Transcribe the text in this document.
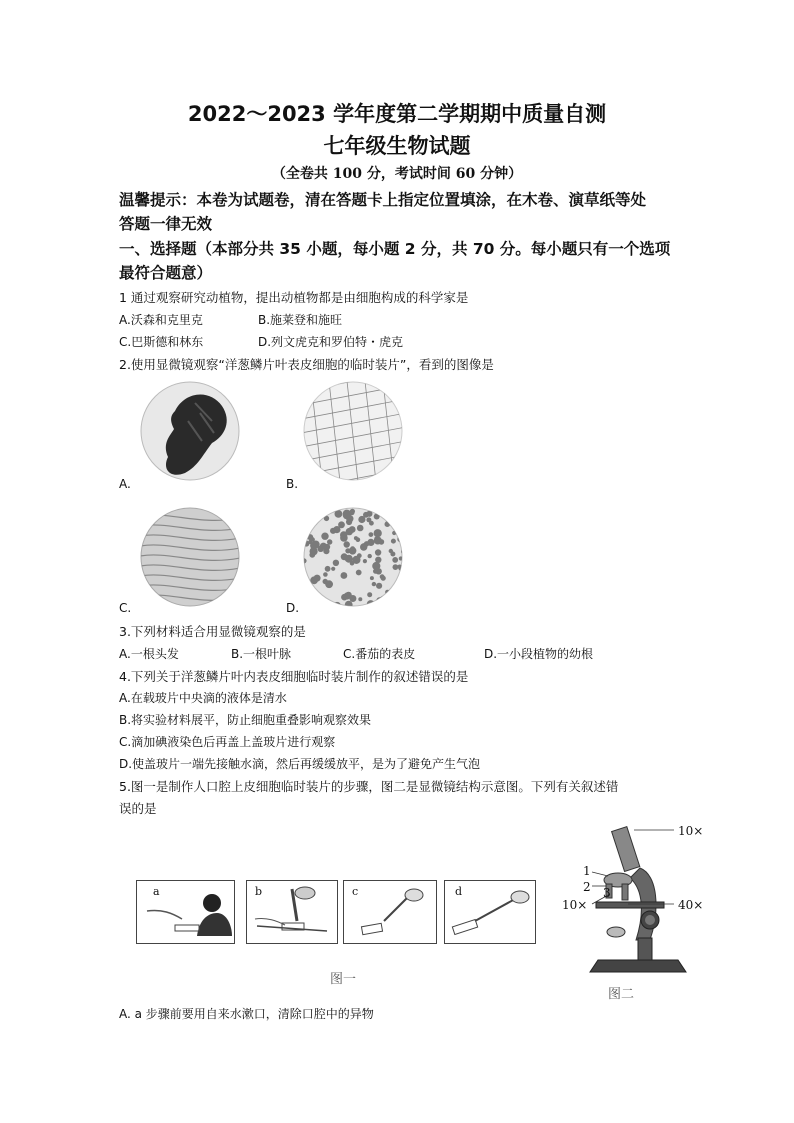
2022～2023 学年度第二学期期中质量自测
七年级生物试题
（全卷共 100 分，考试时间 60 分钟）
温馨提示：本卷为试题卷，清在答题卡上指定位置填涂，在木卷、演草纸等处
答题一律无效
一、选择题（本部分共 35 小题，每小题 2 分，共 70 分。每小题只有一个选项
最符合题意）
1 通过观察研究动植物，提出动植物都是由细胞构成的科学家是
A.沃森和克里克	B.施莱登和施旺
C.巴斯德和林东	D.列文虎克和罗伯特・虎克
2.使用显微镜观察“洋葱鳞片叶表皮细胞的临时装片”，看到的图像是
A.	B.
C.	D.
3.下列材料适合用显微镜观察的是
A.一根头发	B.一根叶脉	C.番茄的表皮	D.一小段植物的幼根
4.下列关于洋葱鳞片叶内表皮细胞临时装片制作的叙述错误的是
A.在载玻片中央滴的液体是清水
B.将实验材料展平，防止细胞重叠影响观察效果
C.滴加碘液染色后再盖上盖玻片进行观察
D.使盖玻片一端先接触水滴，然后再缓缓放平，是为了避免产生气泡
5.图一是制作人口腔上皮细胞临时装片的步骤，图二是显微镜结构示意图。下列有关叙述错
误的是
a	b	c	d
图一
10×
1
2 3
10×	40×
图二
A. a 步骤前要用自来水漱口，清除口腔中的异物
